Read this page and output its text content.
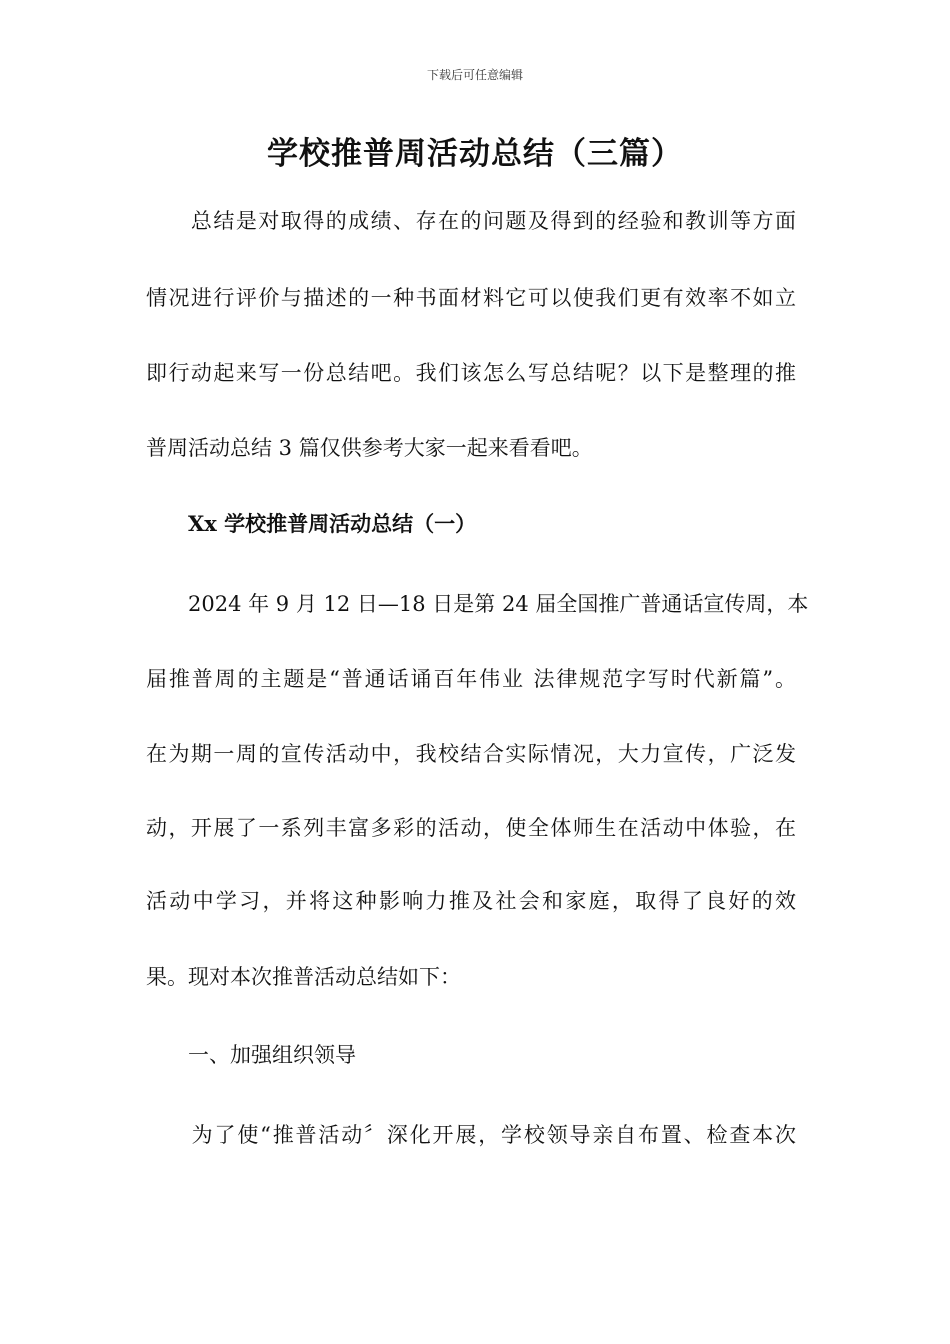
下载后可任意编辑
学校推普周活动总结（三篇）
　　总结是对取得的成绩、存在的问题及得到的经验和教训等方面
情况进行评价与描述的一种书面材料它可以使我们更有效率不如立
即行动起来写一份总结吧。我们该怎么写总结呢？以下是整理的推
普周活动总结 3 篇仅供参考大家一起来看看吧。
　　Xx 学校推普周活动总结（一）
　　2024 年 9 月 12 日—18 日是第 24 届全国推广普通话宣传周，本
届推普周的主题是“普通话诵百年伟业 法律规范字写时代新篇”。
在为期一周的宣传活动中，我校结合实际情况，大力宣传，广泛发
动，开展了一系列丰富多彩的活动，使全体师生在活动中体验，在
活动中学习，并将这种影响力推及社会和家庭，取得了良好的效
果。现对本次推普活动总结如下：
　　一、加强组织领导
　　为了使“推普活动〞深化开展，学校领导亲自布置、检查本次
